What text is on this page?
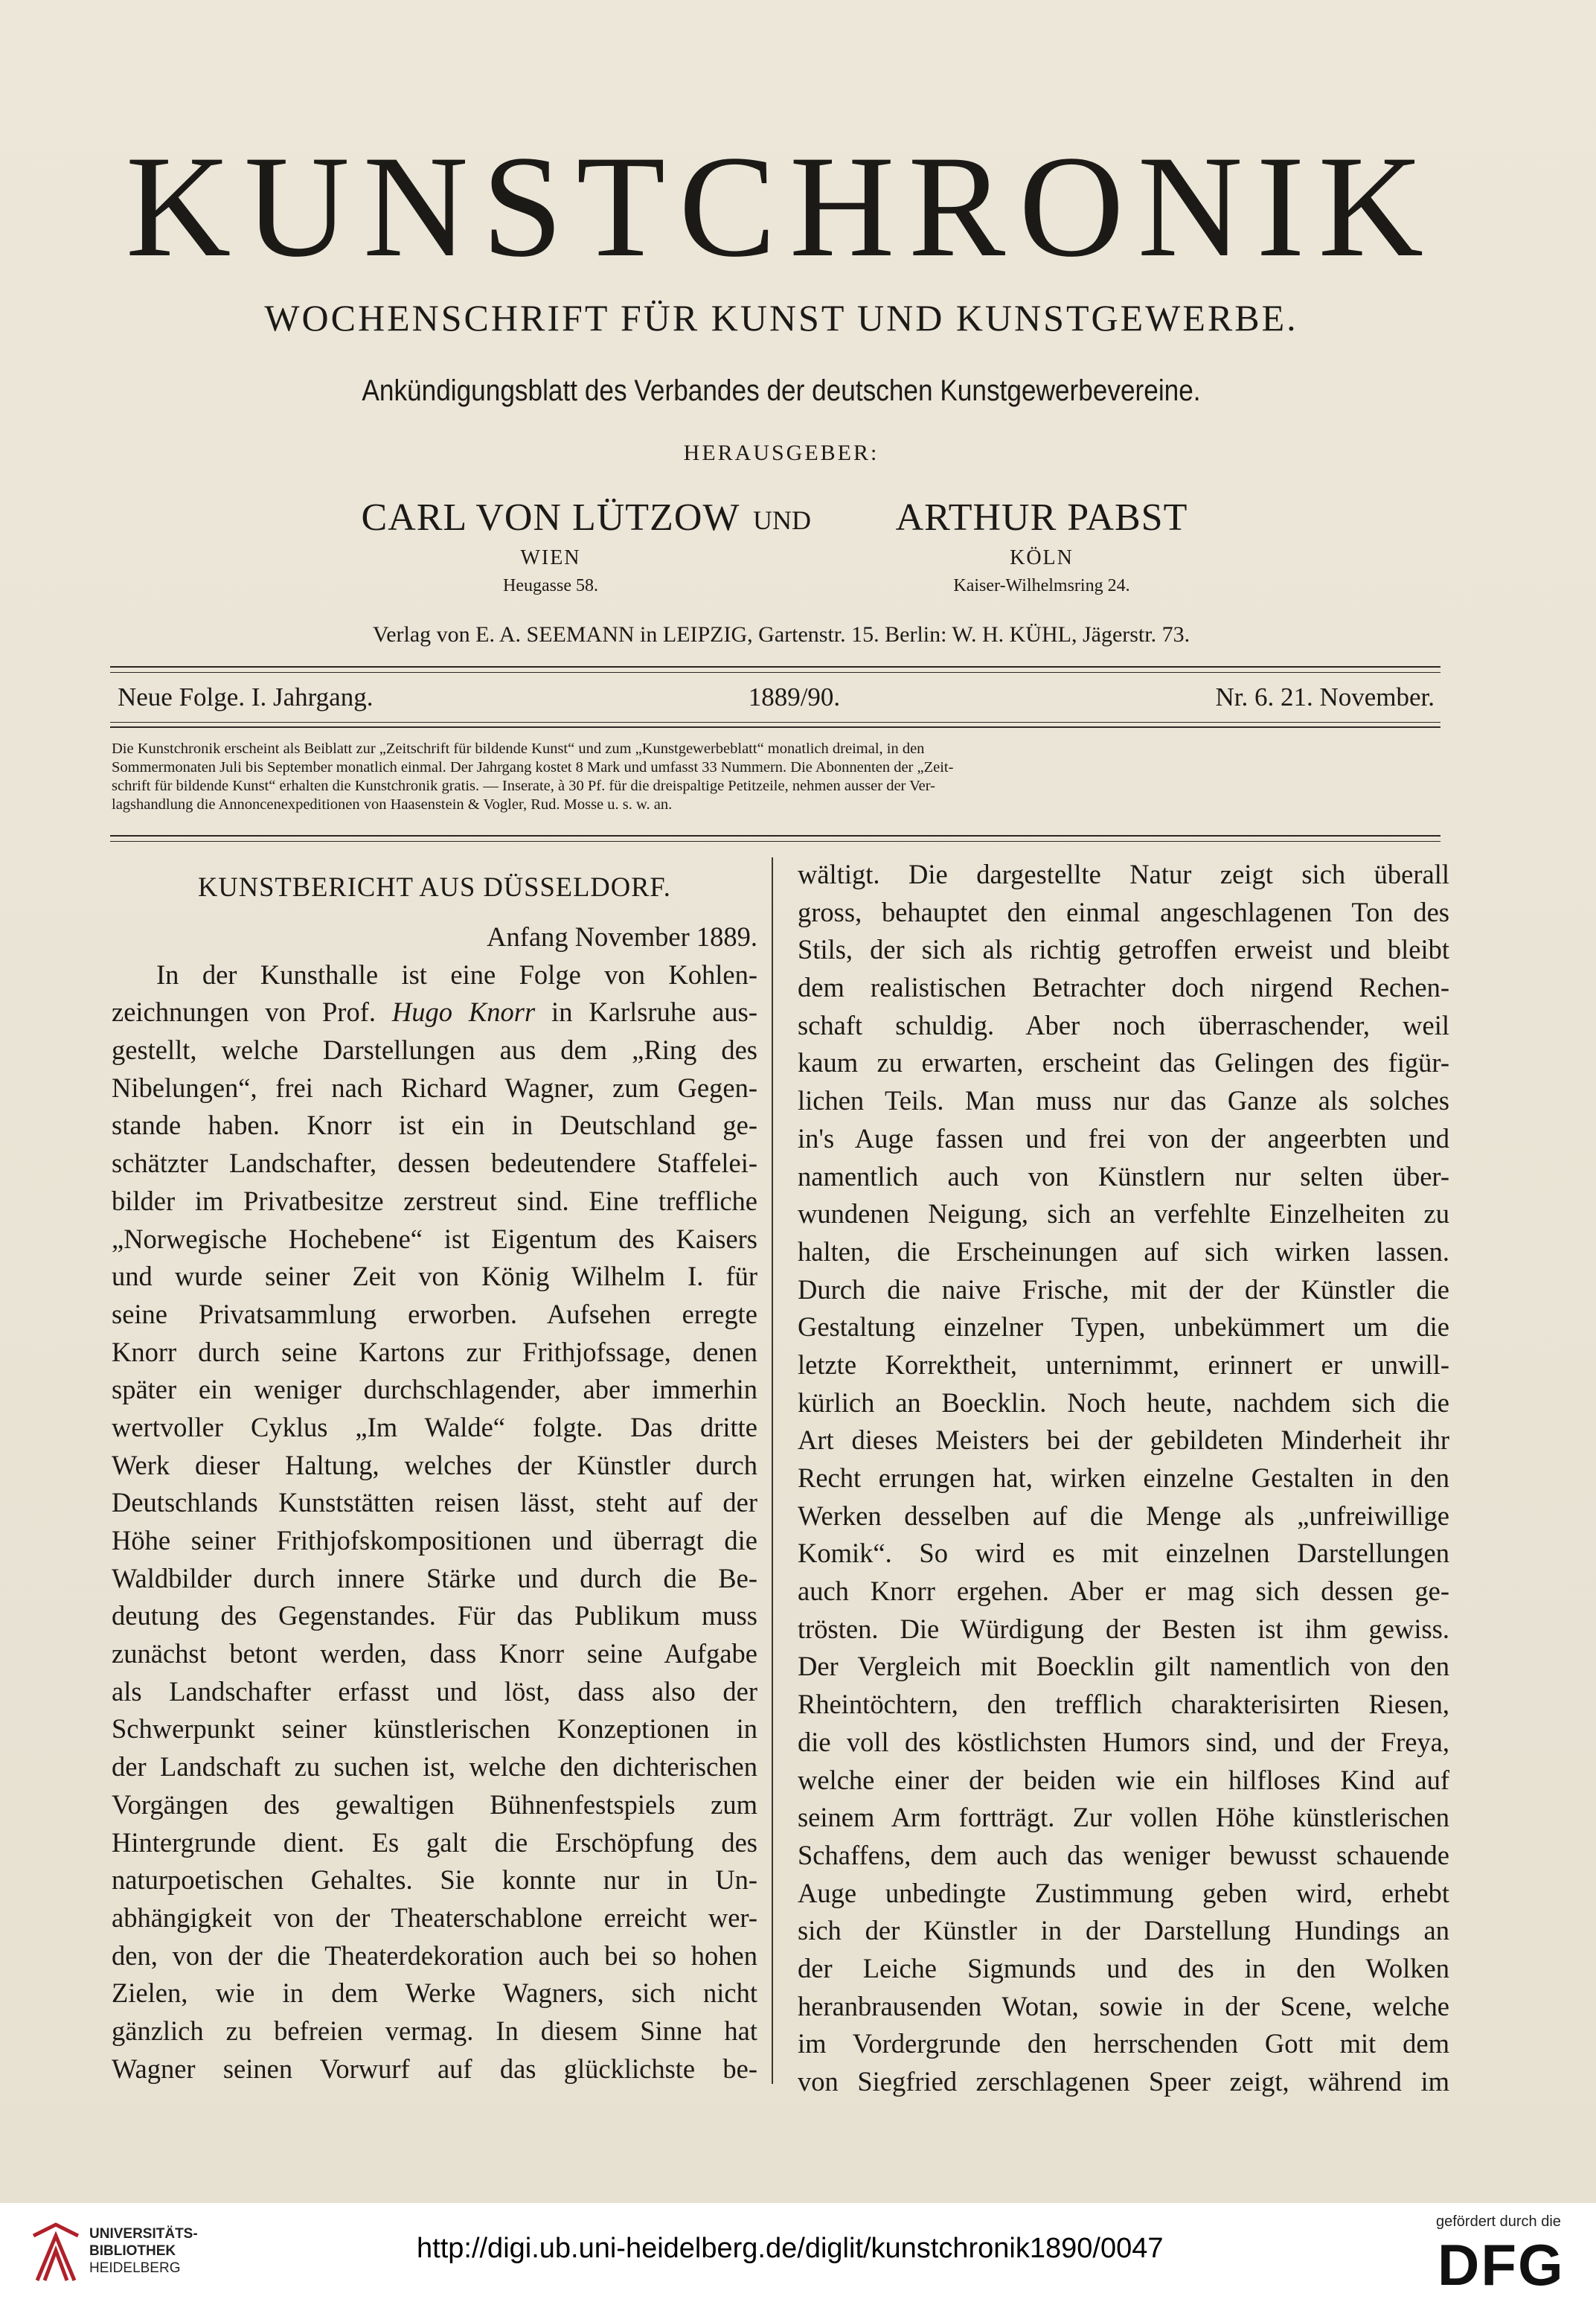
KUNSTCHRONIK
WOCHENSCHRIFT FÜR KUNST UND KUNSTGEWERBE.
Ankündigungsblatt des Verbandes der deutschen Kunstgewerbevereine.
HERAUSGEBER:
CARL VON LÜTZOW
WIEN
Heugasse 58.
UND	ARTHUR PABST
KÖLN
Kaiser-Wilhelmsring 24.
Verlag von E. A. SEEMANN in LEIPZIG, Gartenstr. 15. Berlin: W. H. KÜHL, Jägerstr. 73.
Neue Folge. I. Jahrgang.	1889/90.	Nr. 6. 21. November.
Die Kunstchronik erscheint als Beiblatt zur „Zeitschrift für bildende Kunst“ und zum „Kunstgewerbeblatt“ monatlich dreimal, in den
Sommermonaten Juli bis September monatlich einmal. Der Jahrgang kostet 8 Mark und umfasst 33 Nummern. Die Abonnenten der „Zeit-
schrift für bildende Kunst“ erhalten die Kunstchronik gratis. — Inserate, à 30 Pf. für die dreispaltige Petitzeile, nehmen ausser der Ver-
lagshandlung die Annoncenexpeditionen von Haasenstein & Vogler, Rud. Mosse u. s. w. an.

KUNSTBERICHT AUS DÜSSELDORF.

Anfang November 1889.

In der Kunsthalle ist eine Folge von Kohlen-

zeichnungen von Prof. Hugo Knorr in Karlsruhe aus-

gestellt, welche Darstellungen aus dem „Ring des

Nibelungen“, frei nach Richard Wagner, zum Gegen-

stande haben. Knorr ist ein in Deutschland ge-

schätzter Landschafter, dessen bedeutendere Staffelei-

bilder im Privatbesitze zerstreut sind. Eine treffliche

„Norwegische Hochebene“ ist Eigentum des Kaisers

und wurde seiner Zeit von König Wilhelm I. für

seine Privatsammlung erworben. Aufsehen erregte

Knorr durch seine Kartons zur Frithjofssage, denen

später ein weniger durchschlagender, aber immerhin

wertvoller Cyklus „Im Walde“ folgte. Das dritte

Werk dieser Haltung, welches der Künstler durch

Deutschlands Kunststätten reisen lässt, steht auf der

Höhe seiner Frithjofskompositionen und überragt die

Waldbilder durch innere Stärke und durch die Be-

deutung des Gegenstandes. Für das Publikum muss

zunächst betont werden, dass Knorr seine Aufgabe

als Landschafter erfasst und löst, dass also der

Schwerpunkt seiner künstlerischen Konzeptionen in

der Landschaft zu suchen ist, welche den dichterischen

Vorgängen des gewaltigen Bühnenfestspiels zum

Hintergrunde dient. Es galt die Erschöpfung des

naturpoetischen Gehaltes. Sie konnte nur in Un-

abhängigkeit von der Theaterschablone erreicht wer-

den, von der die Theaterdekoration auch bei so hohen

Zielen, wie in dem Werke Wagners, sich nicht

gänzlich zu befreien vermag. In diesem Sinne hat

Wagner seinen Vorwurf auf das glücklichste be-

wältigt. Die dargestellte Natur zeigt sich überall

gross, behauptet den einmal angeschlagenen Ton des

Stils, der sich als richtig getroffen erweist und bleibt

dem realistischen Betrachter doch nirgend Rechen-

schaft schuldig. Aber noch überraschender, weil

kaum zu erwarten, erscheint das Gelingen des figür-

lichen Teils. Man muss nur das Ganze als solches

in's Auge fassen und frei von der angeerbten und

namentlich auch von Künstlern nur selten über-

wundenen Neigung, sich an verfehlte Einzelheiten zu

halten, die Erscheinungen auf sich wirken lassen.

Durch die naive Frische, mit der der Künstler die

Gestaltung einzelner Typen, unbekümmert um die

letzte Korrektheit, unternimmt, erinnert er unwill-

kürlich an Boecklin. Noch heute, nachdem sich die

Art dieses Meisters bei der gebildeten Minderheit ihr

Recht errungen hat, wirken einzelne Gestalten in den

Werken desselben auf die Menge als „unfreiwillige

Komik“. So wird es mit einzelnen Darstellungen

auch Knorr ergehen. Aber er mag sich dessen ge-

trösten. Die Würdigung der Besten ist ihm gewiss.

Der Vergleich mit Boecklin gilt namentlich von den

Rheintöchtern, den trefflich charakterisirten Riesen,

die voll des köstlichsten Humors sind, und der Freya,

welche einer der beiden wie ein hilfloses Kind auf

seinem Arm fortträgt. Zur vollen Höhe künstlerischen

Schaffens, dem auch das weniger bewusst schauende

Auge unbedingte Zustimmung geben wird, erhebt

sich der Künstler in der Darstellung Hundings an

der Leiche Sigmunds und des in den Wolken

heranbrausenden Wotan, sowie in der Scene, welche

im Vordergrunde den herrschenden Gott mit dem

von Siegfried zerschlagenen Speer zeigt, während im

UNIVERSITÄTS-
BIBLIOTHEK
HEIDELBERG
http://digi.ub.uni-heidelberg.de/diglit/kunstchronik1890/0047
gefördert durch die
DFG
